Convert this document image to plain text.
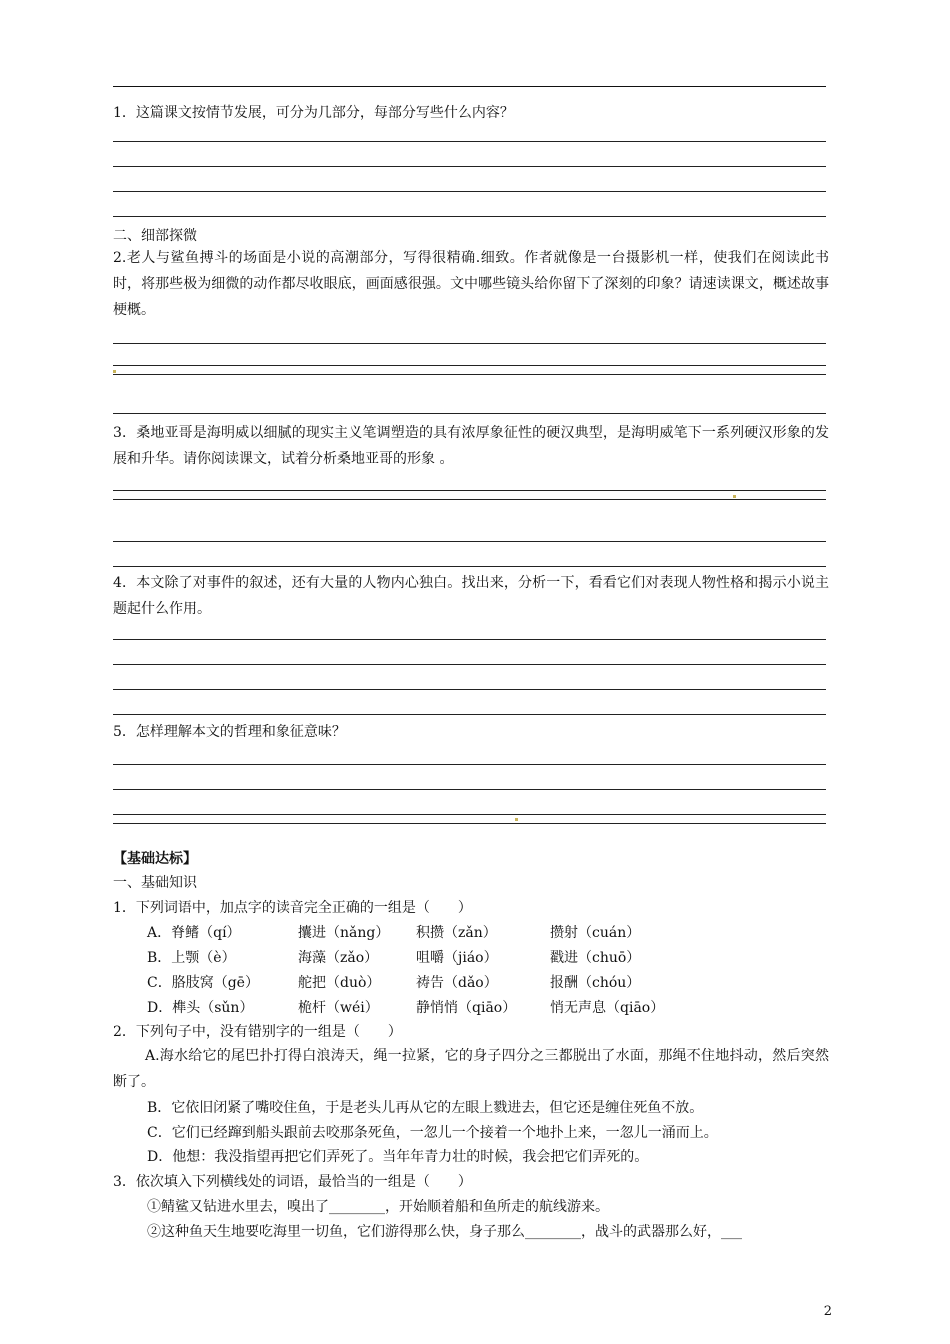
1．这篇课文按情节发展，可分为几部分，每部分写些什么内容？
二、细部探微
2.老人与鲨鱼搏斗的场面是小说的高潮部分，写得很精确.细致。作者就像是一台摄影机一样，使我们在阅读此书时，将那些极为细微的动作都尽收眼底，画面感很强。文中哪些镜头给你留下了深刻的印象？请速读课文，概述故事梗概。
3．桑地亚哥是海明威以细腻的现实主义笔调塑造的具有浓厚象征性的硬汉典型，是海明威笔下一系列硬汉形象的发展和升华。请你阅读课文，试着分析桑地亚哥的形象 。
4．本文除了对事件的叙述，还有大量的人物内心独白。找出来，分析一下，看看它们对表现人物性格和揭示小说主题起什么作用。
5．怎样理解本文的哲理和象征意味？
【基础达标】
一、基础知识
1．下列词语中，加点字的读音完全正确的一组是（　　）
A．脊鳍（qí）	攮进（nǎng） 积攒（zǎn）	攒射（cuán）
B．上颚（è）	海藻（zǎo）	咀嚼（jiáo）	戳进（chuō）
C．胳肢窝（gē）	舵把（duò）	祷告（dǎo）	报酬（chóu）
D．榫头（sǔn）	桅杆（wéi）	静悄悄（qiāo） 悄无声息（qiāo）
2．下列句子中，没有错别字的一组是（　　）
A.海水给它的尾巴扑打得白浪涛天，绳一拉紧，它的身子四分之三都脱出了水面，那绳不住地抖动，然后突然断了。
B．它依旧闭紧了嘴咬住鱼，于是老头儿再从它的左眼上戮进去，但它还是缠住死鱼不放。
C．它们已经蹿到船头跟前去咬那条死鱼，一忽儿一个接着一个地扑上来，一忽儿一涌而上。
D．他想：我没指望再把它们弄死了。当年年青力壮的时候，我会把它们弄死的。
3．依次填入下列横线处的词语，最恰当的一组是（　　）
①鲭鲨又钻进水里去，嗅出了________，开始顺着船和鱼所走的航线游来。
②这种鱼天生地要吃海里一切鱼，它们游得那么快，身子那么________，战斗的武器那么好，___
2
